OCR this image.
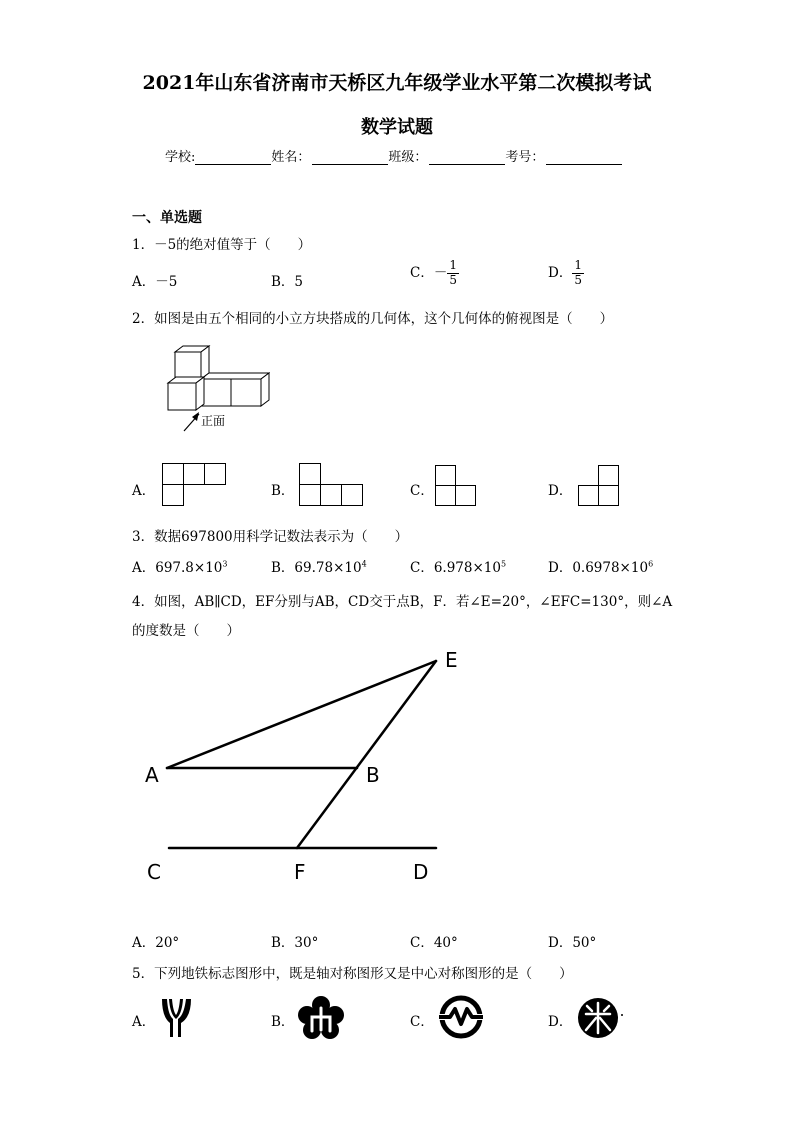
2021年山东省济南市天桥区九年级学业水平第二次模拟考试
数学试题
学校:	姓名：	班级：	考号：
一、单选题
1．－5的绝对值等于（　　）
A．－5	B．5
C．－ $\frac{1}{5}$	D． $\frac{1}{5}$
2．如图是由五个相同的小立方块搭成的几何体，这个几何体的俯视图是（　　）
正面
A．	B．	C．	D．
3．数据697800用科学记数法表示为（　　）
A．$697.8\times 10^3$	B．$69.78\times 10^4$	C．$6.978\times 10^5$	D．$0.6978\times 10^6$
4．如图，AB∥CD，EF分别与AB，CD交于点B，F．若∠E=20°，∠EFC=130°，则∠A
的度数是（　　）
E
A	B
C	F	D
A．20°	B．30°	C．40°	D．50°
5．下列地铁标志图形中，既是轴对称图形又是中心对称图形的是（　　）
A．	B．	C．	D．
